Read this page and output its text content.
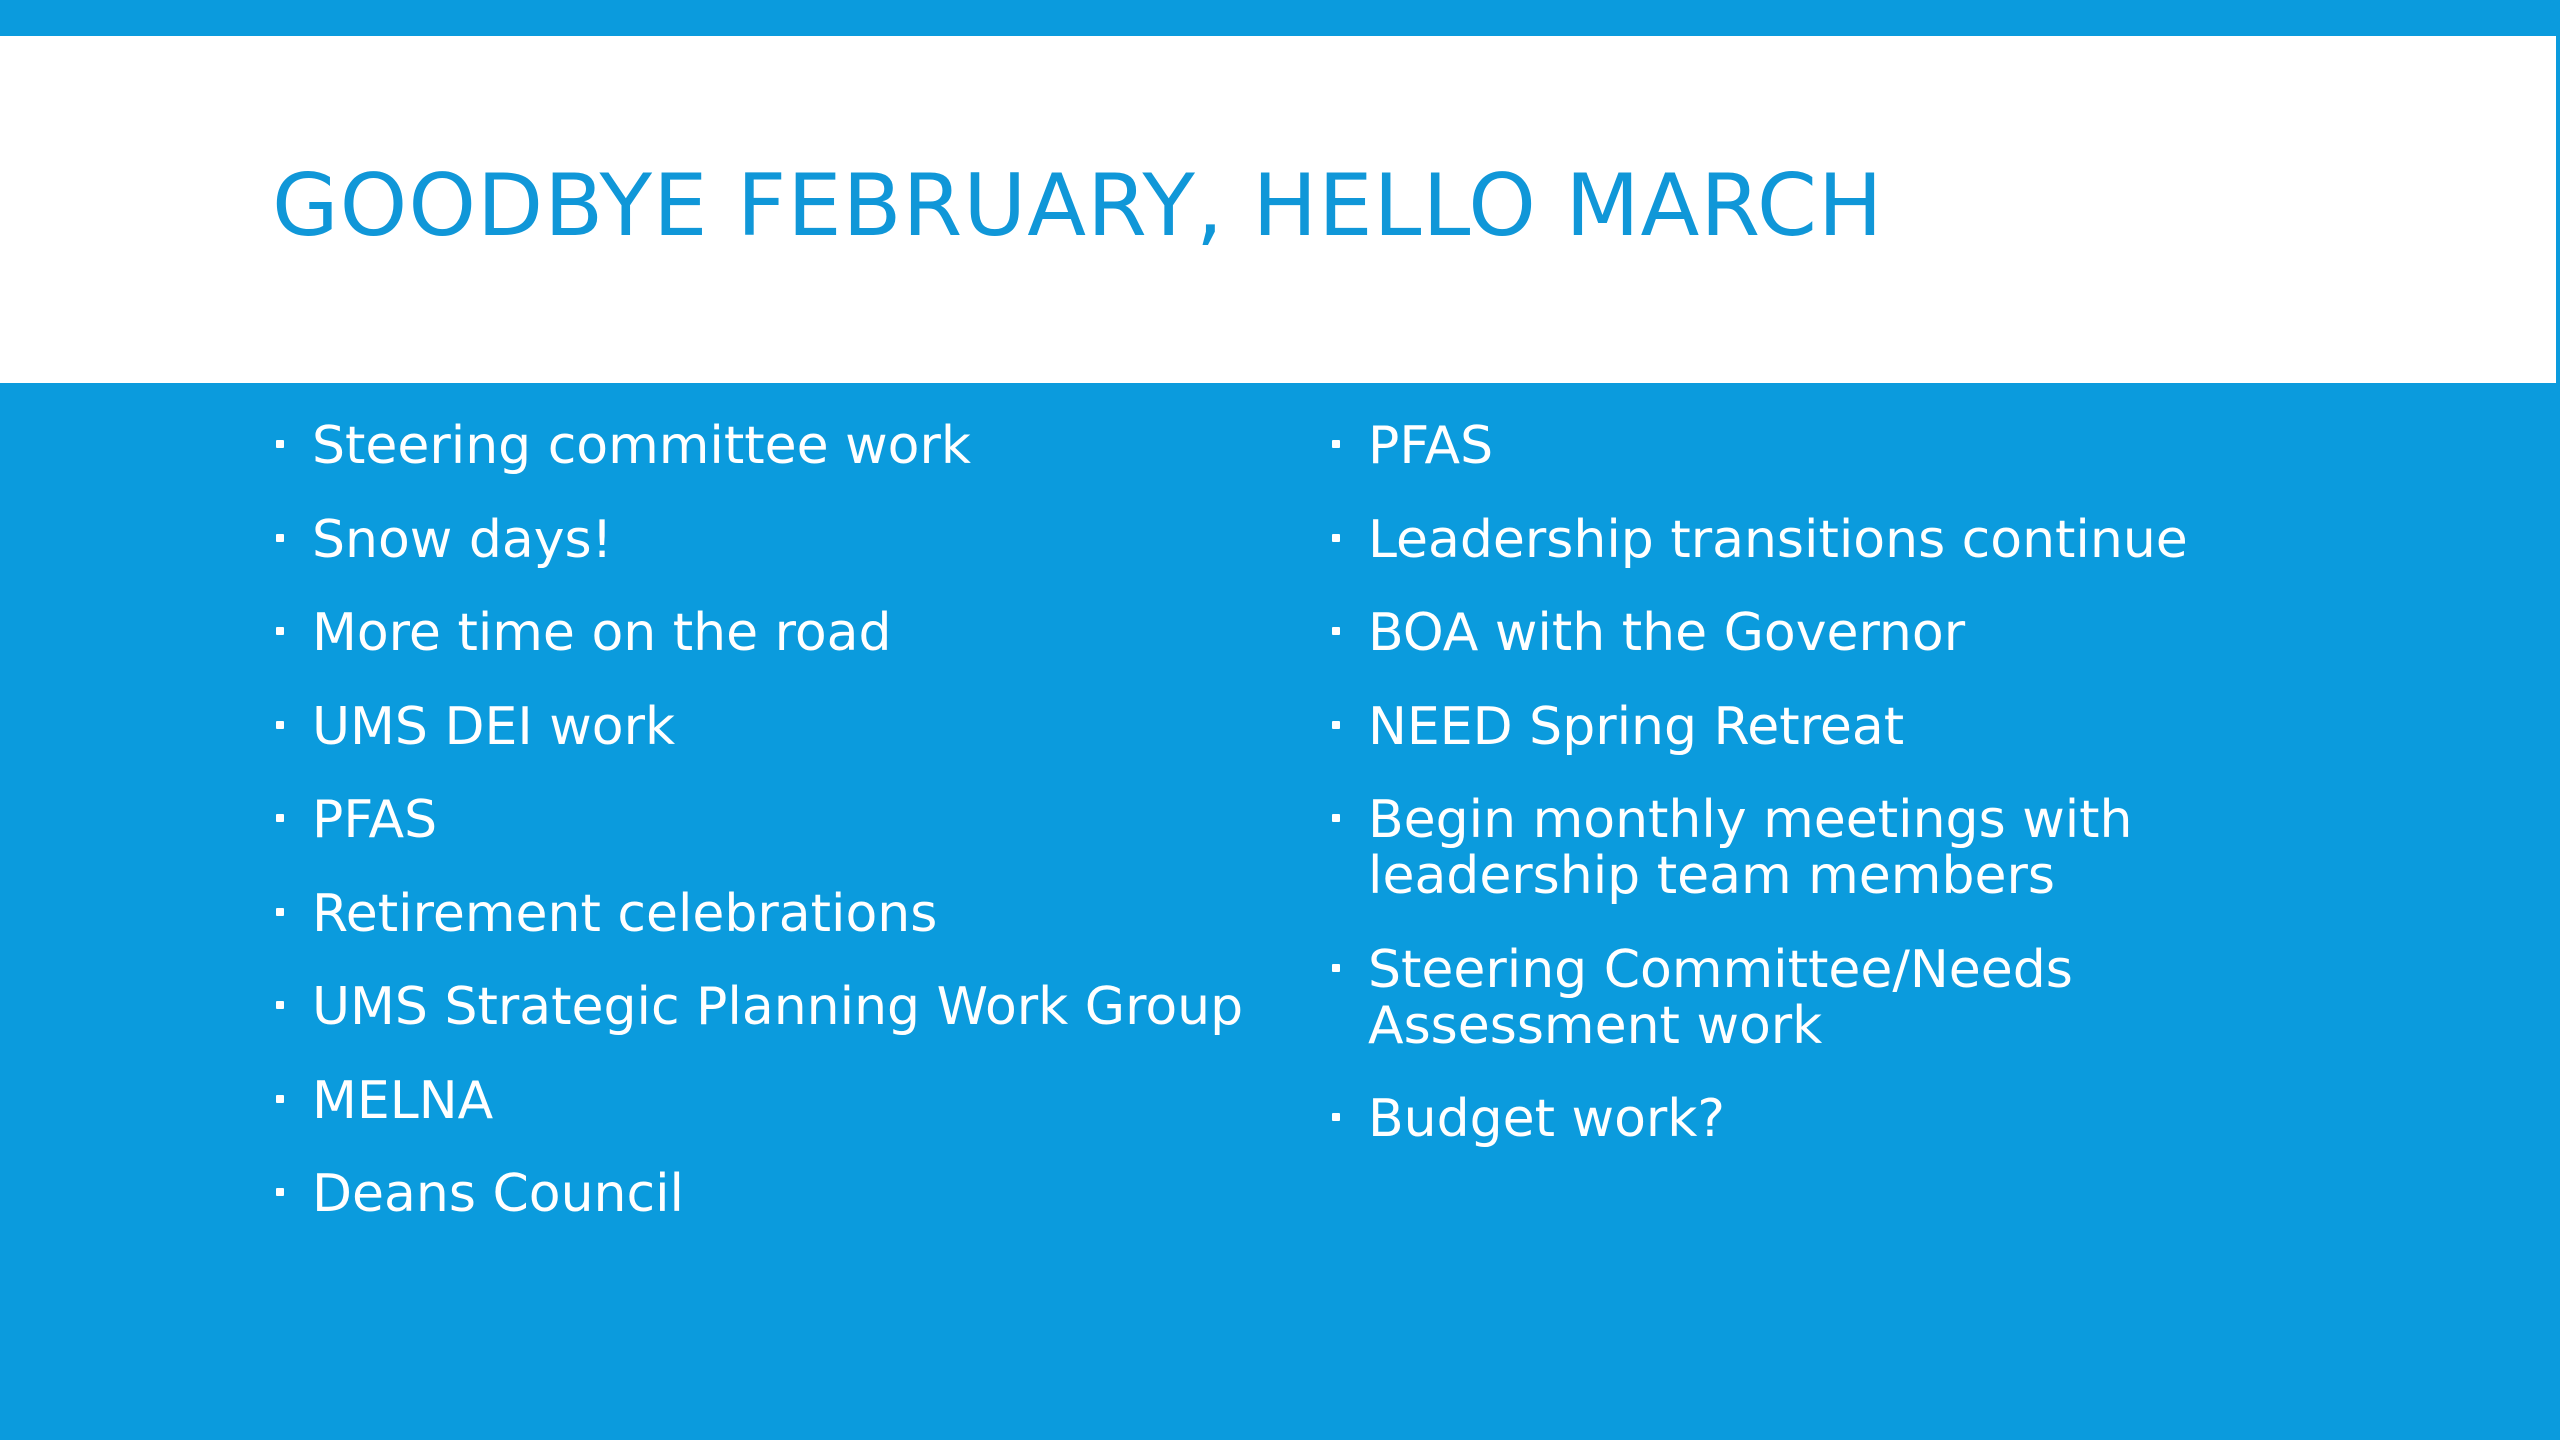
GOODBYE FEBRUARY, HELLO MARCH
Steering committee work
Snow days!
More time on the road
UMS DEI work
PFAS
Retirement celebrations
UMS Strategic Planning Work Group
MELNA
Deans Council
PFAS
Leadership transitions continue
BOA with the Governor
NEED Spring Retreat
Begin monthly meetings with leadership team members
Steering Committee/Needs Assessment work
Budget work?
